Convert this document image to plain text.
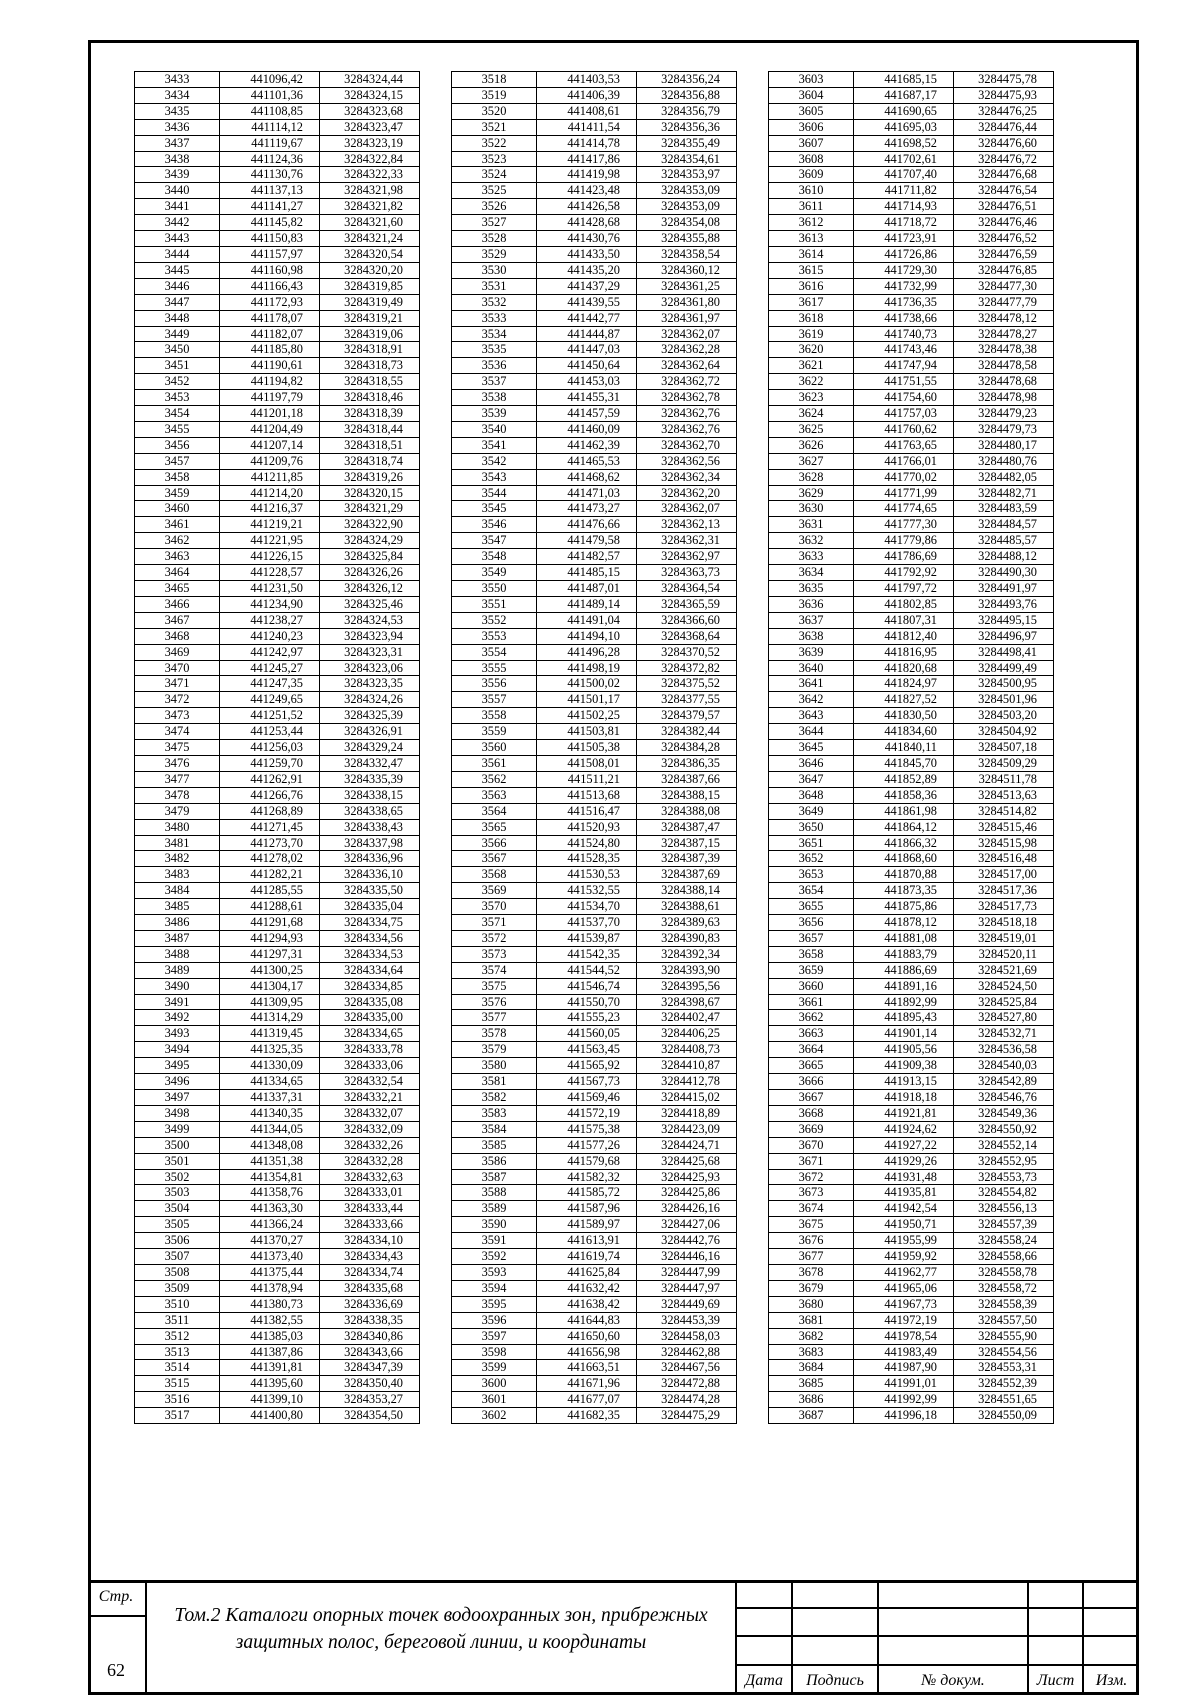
3433	441096,42	3284324,44
3434	441101,36	3284324,15
3435	441108,85	3284323,68
3436	441114,12	3284323,47
3437	441119,67	3284323,19
3438	441124,36	3284322,84
3439	441130,76	3284322,33
3440	441137,13	3284321,98
3441	441141,27	3284321,82
3442	441145,82	3284321,60
3443	441150,83	3284321,24
3444	441157,97	3284320,54
3445	441160,98	3284320,20
3446	441166,43	3284319,85
3447	441172,93	3284319,49
3448	441178,07	3284319,21
3449	441182,07	3284319,06
3450	441185,80	3284318,91
3451	441190,61	3284318,73
3452	441194,82	3284318,55
3453	441197,79	3284318,46
3454	441201,18	3284318,39
3455	441204,49	3284318,44
3456	441207,14	3284318,51
3457	441209,76	3284318,74
3458	441211,85	3284319,26
3459	441214,20	3284320,15
3460	441216,37	3284321,29
3461	441219,21	3284322,90
3462	441221,95	3284324,29
3463	441226,15	3284325,84
3464	441228,57	3284326,26
3465	441231,50	3284326,12
3466	441234,90	3284325,46
3467	441238,27	3284324,53
3468	441240,23	3284323,94
3469	441242,97	3284323,31
3470	441245,27	3284323,06
3471	441247,35	3284323,35
3472	441249,65	3284324,26
3473	441251,52	3284325,39
3474	441253,44	3284326,91
3475	441256,03	3284329,24
3476	441259,70	3284332,47
3477	441262,91	3284335,39
3478	441266,76	3284338,15
3479	441268,89	3284338,65
3480	441271,45	3284338,43
3481	441273,70	3284337,98
3482	441278,02	3284336,96
3483	441282,21	3284336,10
3484	441285,55	3284335,50
3485	441288,61	3284335,04
3486	441291,68	3284334,75
3487	441294,93	3284334,56
3488	441297,31	3284334,53
3489	441300,25	3284334,64
3490	441304,17	3284334,85
3491	441309,95	3284335,08
3492	441314,29	3284335,00
3493	441319,45	3284334,65
3494	441325,35	3284333,78
3495	441330,09	3284333,06
3496	441334,65	3284332,54
3497	441337,31	3284332,21
3498	441340,35	3284332,07
3499	441344,05	3284332,09
3500	441348,08	3284332,26
3501	441351,38	3284332,28
3502	441354,81	3284332,63
3503	441358,76	3284333,01
3504	441363,30	3284333,44
3505	441366,24	3284333,66
3506	441370,27	3284334,10
3507	441373,40	3284334,43
3508	441375,44	3284334,74
3509	441378,94	3284335,68
3510	441380,73	3284336,69
3511	441382,55	3284338,35
3512	441385,03	3284340,86
3513	441387,86	3284343,66
3514	441391,81	3284347,39
3515	441395,60	3284350,40
3516	441399,10	3284353,27
3517	441400,80	3284354,50
3518	441403,53	3284356,24
3519	441406,39	3284356,88
3520	441408,61	3284356,79
3521	441411,54	3284356,36
3522	441414,78	3284355,49
3523	441417,86	3284354,61
3524	441419,98	3284353,97
3525	441423,48	3284353,09
3526	441426,58	3284353,09
3527	441428,68	3284354,08
3528	441430,76	3284355,88
3529	441433,50	3284358,54
3530	441435,20	3284360,12
3531	441437,29	3284361,25
3532	441439,55	3284361,80
3533	441442,77	3284361,97
3534	441444,87	3284362,07
3535	441447,03	3284362,28
3536	441450,64	3284362,64
3537	441453,03	3284362,72
3538	441455,31	3284362,78
3539	441457,59	3284362,76
3540	441460,09	3284362,76
3541	441462,39	3284362,70
3542	441465,53	3284362,56
3543	441468,62	3284362,34
3544	441471,03	3284362,20
3545	441473,27	3284362,07
3546	441476,66	3284362,13
3547	441479,58	3284362,31
3548	441482,57	3284362,97
3549	441485,15	3284363,73
3550	441487,01	3284364,54
3551	441489,14	3284365,59
3552	441491,04	3284366,60
3553	441494,10	3284368,64
3554	441496,28	3284370,52
3555	441498,19	3284372,82
3556	441500,02	3284375,52
3557	441501,17	3284377,55
3558	441502,25	3284379,57
3559	441503,81	3284382,44
3560	441505,38	3284384,28
3561	441508,01	3284386,35
3562	441511,21	3284387,66
3563	441513,68	3284388,15
3564	441516,47	3284388,08
3565	441520,93	3284387,47
3566	441524,80	3284387,15
3567	441528,35	3284387,39
3568	441530,53	3284387,69
3569	441532,55	3284388,14
3570	441534,70	3284388,61
3571	441537,70	3284389,63
3572	441539,87	3284390,83
3573	441542,35	3284392,34
3574	441544,52	3284393,90
3575	441546,74	3284395,56
3576	441550,70	3284398,67
3577	441555,23	3284402,47
3578	441560,05	3284406,25
3579	441563,45	3284408,73
3580	441565,92	3284410,87
3581	441567,73	3284412,78
3582	441569,46	3284415,02
3583	441572,19	3284418,89
3584	441575,38	3284423,09
3585	441577,26	3284424,71
3586	441579,68	3284425,68
3587	441582,32	3284425,93
3588	441585,72	3284425,86
3589	441587,96	3284426,16
3590	441589,97	3284427,06
3591	441613,91	3284442,76
3592	441619,74	3284446,16
3593	441625,84	3284447,99
3594	441632,42	3284447,97
3595	441638,42	3284449,69
3596	441644,83	3284453,39
3597	441650,60	3284458,03
3598	441656,98	3284462,88
3599	441663,51	3284467,56
3600	441671,96	3284472,88
3601	441677,07	3284474,28
3602	441682,35	3284475,29
3603	441685,15	3284475,78
3604	441687,17	3284475,93
3605	441690,65	3284476,25
3606	441695,03	3284476,44
3607	441698,52	3284476,60
3608	441702,61	3284476,72
3609	441707,40	3284476,68
3610	441711,82	3284476,54
3611	441714,93	3284476,51
3612	441718,72	3284476,46
3613	441723,91	3284476,52
3614	441726,86	3284476,59
3615	441729,30	3284476,85
3616	441732,99	3284477,30
3617	441736,35	3284477,79
3618	441738,66	3284478,12
3619	441740,73	3284478,27
3620	441743,46	3284478,38
3621	441747,94	3284478,58
3622	441751,55	3284478,68
3623	441754,60	3284478,98
3624	441757,03	3284479,23
3625	441760,62	3284479,73
3626	441763,65	3284480,17
3627	441766,01	3284480,76
3628	441770,02	3284482,05
3629	441771,99	3284482,71
3630	441774,65	3284483,59
3631	441777,30	3284484,57
3632	441779,86	3284485,57
3633	441786,69	3284488,12
3634	441792,92	3284490,30
3635	441797,72	3284491,97
3636	441802,85	3284493,76
3637	441807,31	3284495,15
3638	441812,40	3284496,97
3639	441816,95	3284498,41
3640	441820,68	3284499,49
3641	441824,97	3284500,95
3642	441827,52	3284501,96
3643	441830,50	3284503,20
3644	441834,60	3284504,92
3645	441840,11	3284507,18
3646	441845,70	3284509,29
3647	441852,89	3284511,78
3648	441858,36	3284513,63
3649	441861,98	3284514,82
3650	441864,12	3284515,46
3651	441866,32	3284515,98
3652	441868,60	3284516,48
3653	441870,88	3284517,00
3654	441873,35	3284517,36
3655	441875,86	3284517,73
3656	441878,12	3284518,18
3657	441881,08	3284519,01
3658	441883,79	3284520,11
3659	441886,69	3284521,69
3660	441891,16	3284524,50
3661	441892,99	3284525,84
3662	441895,43	3284527,80
3663	441901,14	3284532,71
3664	441905,56	3284536,58
3665	441909,38	3284540,03
3666	441913,15	3284542,89
3667	441918,18	3284546,76
3668	441921,81	3284549,36
3669	441924,62	3284550,92
3670	441927,22	3284552,14
3671	441929,26	3284552,95
3672	441931,48	3284553,73
3673	441935,81	3284554,82
3674	441942,54	3284556,13
3675	441950,71	3284557,39
3676	441955,99	3284558,24
3677	441959,92	3284558,66
3678	441962,77	3284558,78
3679	441965,06	3284558,72
3680	441967,73	3284558,39
3681	441972,19	3284557,50
3682	441978,54	3284555,90
3683	441983,49	3284554,56
3684	441987,90	3284553,31
3685	441991,01	3284552,39
3686	441992,99	3284551,65
3687	441996,18	3284550,09
Стр.
62
Том.2 Каталоги опорных точек водоохранных зон, прибрежных защитных полос, береговой линии, и координаты
Дата	Подпись	№ докум.	Лист	Изм.
